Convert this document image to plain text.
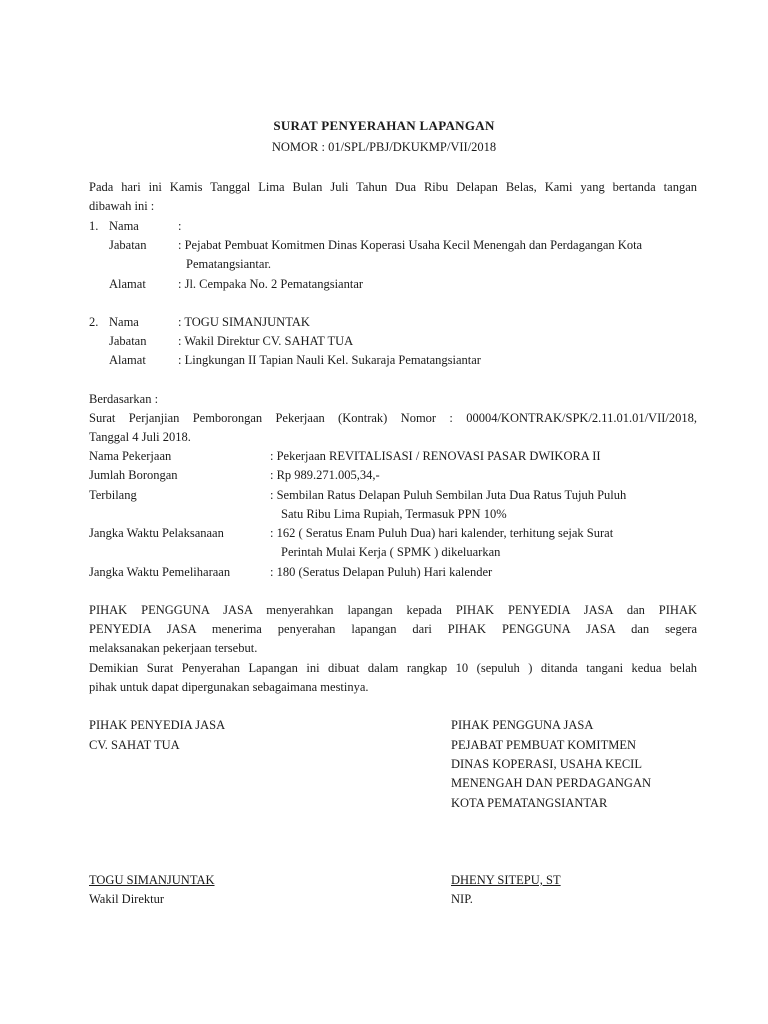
SURAT PENYERAHAN LAPANGAN
NOMOR : 01/SPL/PBJ/DKUKMP/VII/2018
Pada hari ini Kamis Tanggal Lima Bulan Juli Tahun Dua Ribu Delapan Belas, Kami yang bertanda tangan
dibawah ini :
1. Nama	:
Jabatan	: Pejabat Pembuat Komitmen Dinas Koperasi Usaha Kecil Menengah dan Perdagangan Kota
Pematangsiantar.
Alamat	: Jl. Cempaka No. 2 Pematangsiantar
2. Nama	: TOGU SIMANJUNTAK
Jabatan	: Wakil Direktur CV. SAHAT TUA
Alamat	: Lingkungan II Tapian Nauli Kel. Sukaraja Pematangsiantar
Berdasarkan :
Surat Perjanjian Pemborongan Pekerjaan (Kontrak) Nomor : 00004/KONTRAK/SPK/2.11.01.01/VII/2018,
Tanggal 4 Juli 2018.
Nama Pekerjaan	: Pekerjaan REVITALISASI / RENOVASI PASAR DWIKORA II
Jumlah Borongan	: Rp 989.271.005,34,-
Terbilang	: Sembilan Ratus Delapan Puluh Sembilan Juta Dua Ratus Tujuh Puluh
Satu Ribu Lima Rupiah, Termasuk PPN 10%
Jangka Waktu Pelaksanaan	: 162 ( Seratus Enam Puluh Dua) hari kalender, terhitung sejak Surat
Perintah Mulai Kerja ( SPMK ) dikeluarkan
Jangka Waktu Pemeliharaan	: 180 (Seratus Delapan Puluh) Hari kalender
PIHAK PENGGUNA JASA menyerahkan lapangan kepada PIHAK PENYEDIA JASA dan PIHAK
PENYEDIA JASA menerima penyerahan lapangan dari PIHAK PENGGUNA JASA dan segera
melaksanakan pekerjaan tersebut.
Demikian Surat Penyerahan Lapangan ini dibuat dalam rangkap 10 (sepuluh ) ditanda tangani kedua belah
pihak untuk dapat dipergunakan sebagaimana mestinya.
PIHAK PENYEDIA JASA
CV. SAHAT TUA
TOGU SIMANJUNTAK
Wakil Direktur
PIHAK PENGGUNA JASA
PEJABAT PEMBUAT KOMITMEN
DINAS KOPERASI, USAHA KECIL
MENENGAH DAN PERDAGANGAN
KOTA PEMATANGSIANTAR
DHENY SITEPU, ST
NIP.
